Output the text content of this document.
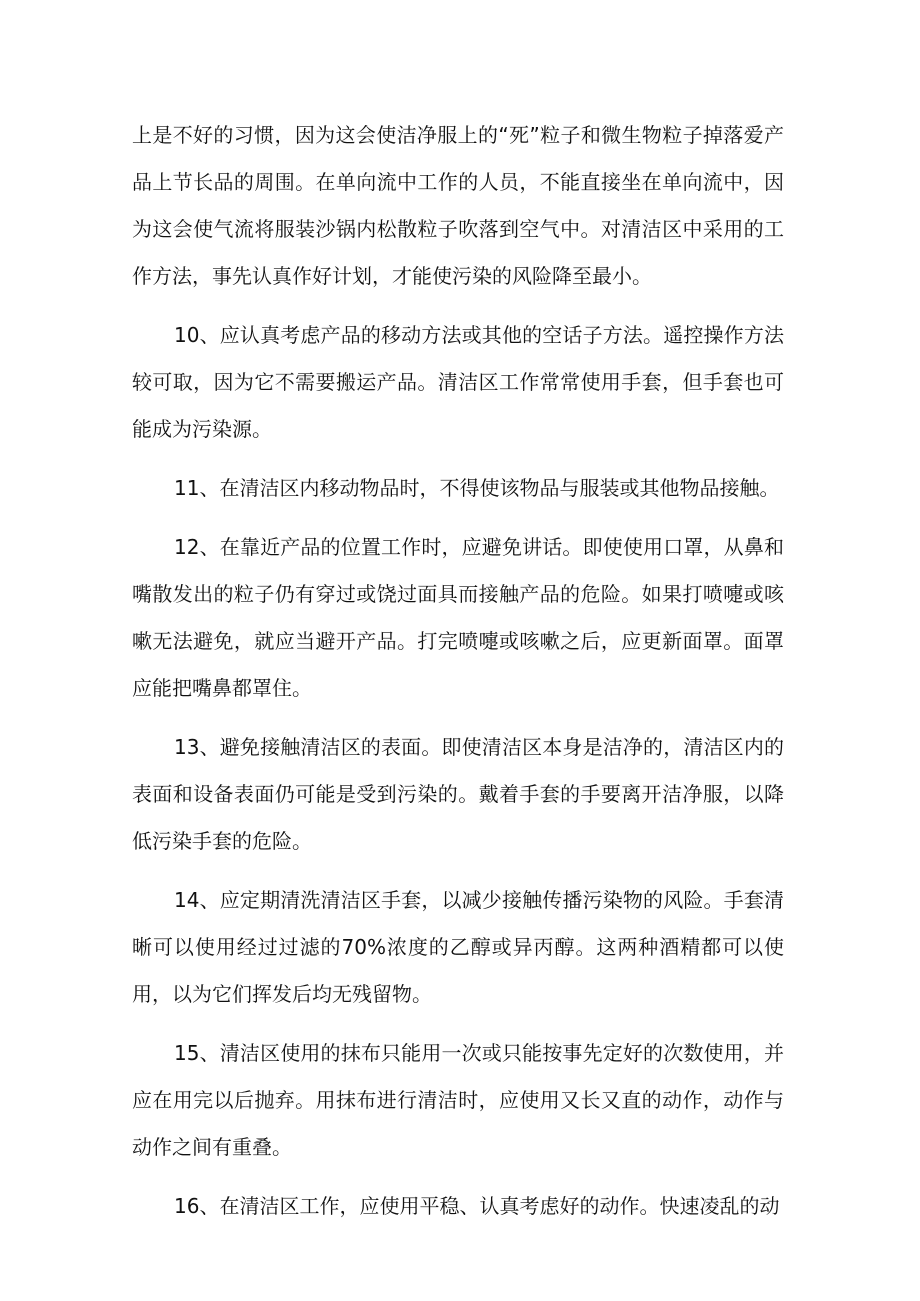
上是不好的习惯，因为这会使洁净服上的“死”粒子和微生物粒子掉落爱产品上节长品的周围。在单向流中工作的人员，不能直接坐在单向流中，因为这会使气流将服装沙锅内松散粒子吹落到空气中。对清洁区中采用的工作方法，事先认真作好计划，才能使污染的风险降至最小。

10、应认真考虑产品的移动方法或其他的空话子方法。遥控操作方法较可取，因为它不需要搬运产品。清洁区工作常常使用手套，但手套也可能成为污染源。

11、在清洁区内移动物品时，不得使该物品与服装或其他物品接触。

12、在靠近产品的位置工作时，应避免讲话。即使使用口罩，从鼻和嘴散发出的粒子仍有穿过或饶过面具而接触产品的危险。如果打喷嚏或咳嗽无法避免，就应当避开产品。打完喷嚏或咳嗽之后，应更新面罩。面罩应能把嘴鼻都罩住。

13、避免接触清洁区的表面。即使清洁区本身是洁净的，清洁区内的表面和设备表面仍可能是受到污染的。戴着手套的手要离开洁净服，以降低污染手套的危险。

14、应定期清洗清洁区手套，以减少接触传播污染物的风险。手套清晰可以使用经过过滤的70%浓度的乙醇或异丙醇。这两种酒精都可以使用，以为它们挥发后均无残留物。

15、清洁区使用的抹布只能用一次或只能按事先定好的次数使用，并应在用完以后抛弃。用抹布进行清洁时，应使用又长又直的动作，动作与动作之间有重叠。

16、在清洁区工作，应使用平稳、认真考虑好的动作。快速凌乱的动
